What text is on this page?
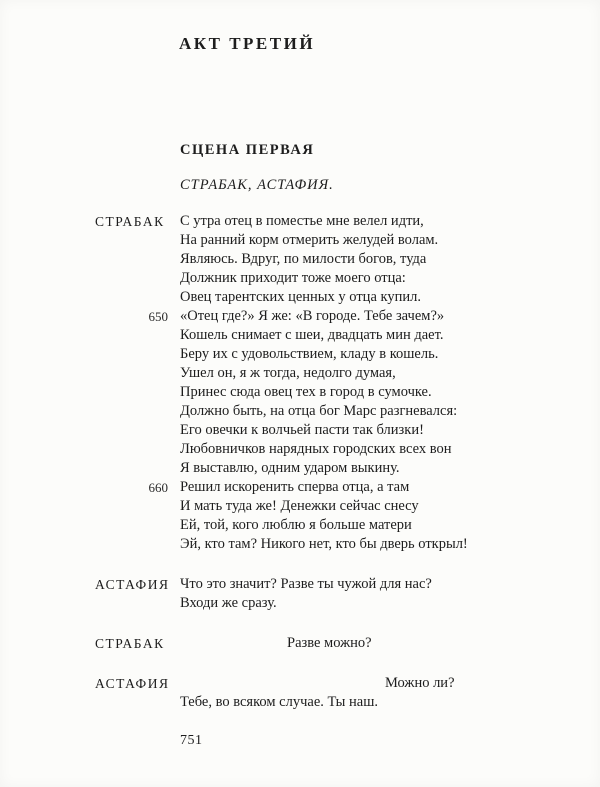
АКТ ТРЕТИЙ
СЦЕНА ПЕРВАЯ
СТРАБАК, АСТАФИЯ.
СТРАБАК	С утра отец в поместье мне велел идти,
На ранний корм отмерить желудей волам.
Являюсь. Вдруг, по милости богов, туда
Должник приходит тоже моего отца:
Овец тарентских ценных у отца купил.
650 «Отец где?» Я же: «В городе. Тебе зачем?»
Кошель снимает с шеи, двадцать мин дает.
Беру их с удовольствием, кладу в кошель.
Ушел он, я ж тогда, недолго думая,
Принес сюда овец тех в город в сумочке.
Должно быть, на отца бог Марс разгневался:
Его овечки к волчьей пасти так близки!
Любовничков нарядных городских всех вон
Я выставлю, одним ударом выкину.
660 Решил искоренить сперва отца, а там
И мать туда же! Денежки сейчас снесу
Ей, той, кого люблю я больше матери
Эй, кто там? Никого нет, кто бы дверь открыл!
АСТАФИЯ Что это значит? Разве ты чужой для нас?
Входи же сразу.
СТРАБАК	Разве можно?
АСТАФИЯ	Можно ли?
Тебе, во всяком случае. Ты наш.
751
